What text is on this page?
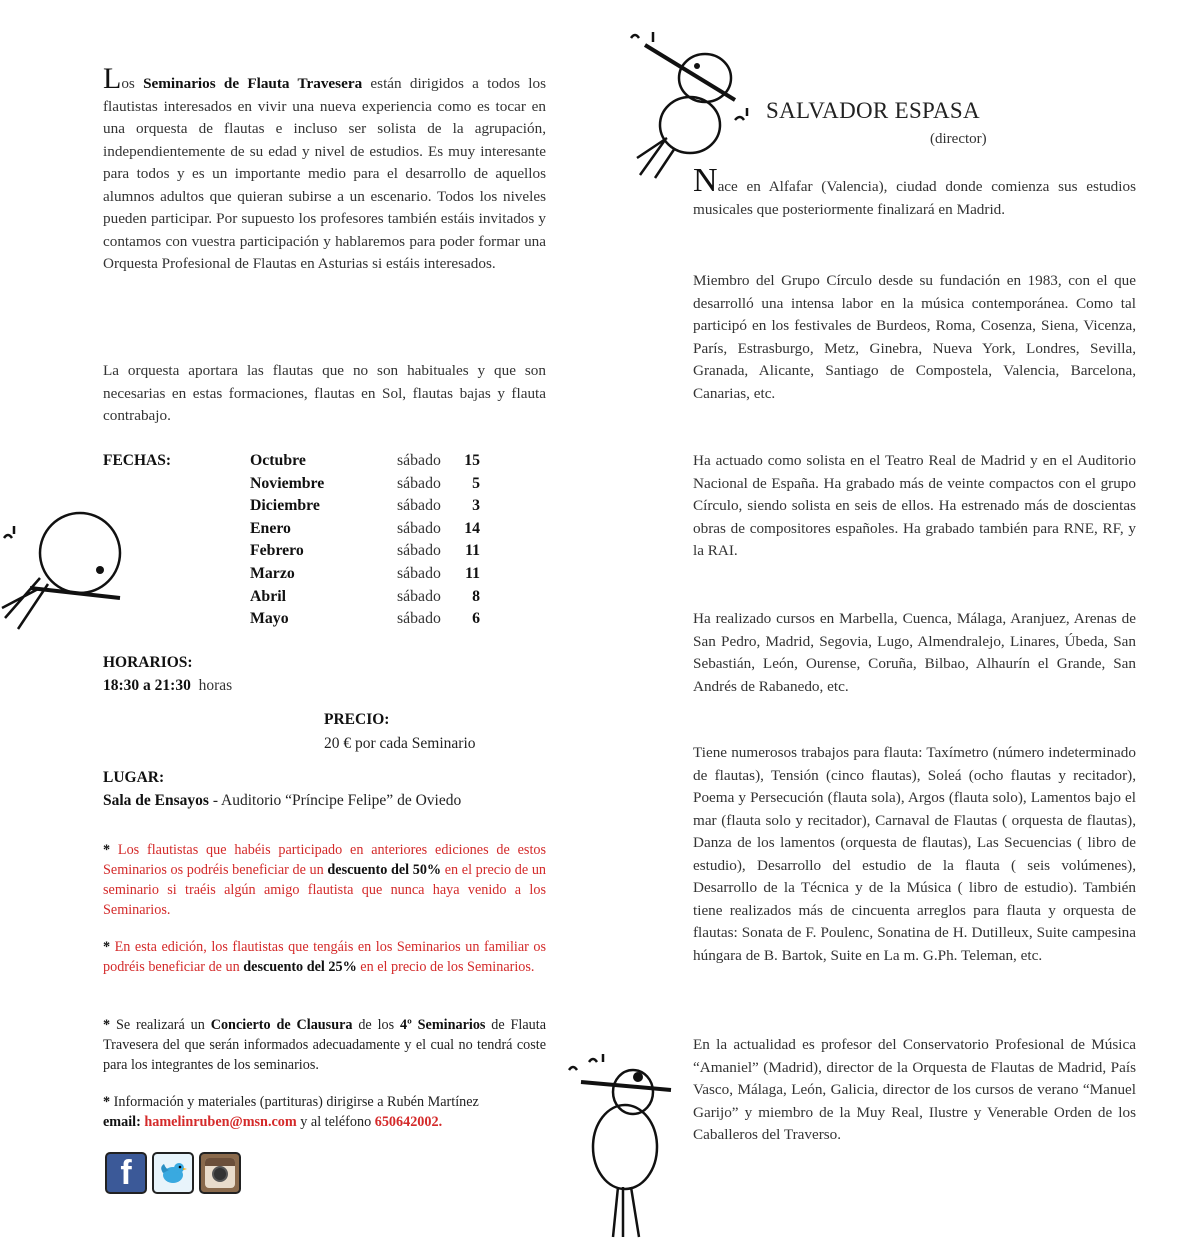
Los Seminarios de Flauta Travesera están dirigidos a todos los flautistas interesados en vivir una nueva experiencia como es tocar en una orquesta de flautas e incluso ser solista de la agrupación, independientemente de su edad y nivel de estudios. Es muy interesante para todos y es un importante medio para el desarrollo de aquellos alumnos adultos que quieran subirse a un escenario. Todos los niveles pueden participar. Por supuesto los profesores también estáis invitados y contamos con vuestra participación y hablaremos para poder formar una Orquesta Profesional de Flautas en Asturias si estáis interesados.

La orquesta aportara las flautas que no son habituales y que son necesarias en estas formaciones, flautas en Sol, flautas bajas y flauta contrabajo.

FECHAS:	Octubre	sábado 15
Noviembre	sábado 5
Diciembre	sábado 3
Enero	sábado 14
Febrero	sábado 11
Marzo	sábado 11
Abril	sábado 8
Mayo	sábado 6
HORARIOS:
18:30 a 21:30 horas
PRECIO:
20 € por cada Seminario
LUGAR:
Sala de Ensayos - Auditorio “Príncipe Felipe” de Oviedo

* Los flautistas que habéis participado en anteriores ediciones de estos Seminarios os podréis beneficiar de un descuento del 50% en el precio de un seminario si traéis algún amigo flautista que nunca haya venido a los Seminarios.

* En esta edición, los flautistas que tengáis en los Seminarios un familiar os podréis beneficiar de un descuento del 25% en el precio de los Seminarios.

* Se realizará un Concierto de Clausura de los 4º Seminarios de Flauta Travesera del que serán informados adecuadamente y el cual no tendrá coste para los integrantes de los seminarios.

* Información y materiales (partituras) dirigirse a Rubén Martínez
email: hamelinruben@msn.com y al teléfono 650642002.

f
SALVADOR ESPASA
(director)

Nace en Alfafar (Valencia), ciudad donde comienza sus estudios musicales que posteriormente finalizará en Madrid.

Miembro del Grupo Círculo desde su fundación en 1983, con el que desarrolló una intensa labor en la música contemporánea. Como tal participó en los festivales de Burdeos, Roma, Cosenza, Siena, Vicenza, París, Estrasburgo, Metz, Ginebra, Nueva York, Londres, Sevilla, Granada, Alicante, Santiago de Compostela, Valencia, Barcelona, Canarias, etc.

Ha actuado como solista en el Teatro Real de Madrid y en el Auditorio Nacional de España. Ha grabado más de veinte compactos con el grupo Círculo, siendo solista en seis de ellos. Ha estrenado más de doscientas obras de compositores españoles. Ha grabado también para RNE, RF, y la RAI.

Ha realizado cursos en Marbella, Cuenca, Málaga, Aranjuez, Arenas de San Pedro, Madrid, Segovia, Lugo, Almendralejo, Linares, Úbeda, San Sebastián, León, Ourense, Coruña, Bilbao, Alhaurín el Grande, San Andrés de Rabanedo, etc.

Tiene numerosos trabajos para flauta: Taxímetro (número indeterminado de flautas), Tensión (cinco flautas), Soleá (ocho flautas y recitador), Poema y Persecución (flauta sola), Argos (flauta solo), Lamentos bajo el mar (flauta solo y recitador), Carnaval de Flautas ( orquesta de flautas), Danza de los lamentos (orquesta de flautas), Las Secuencias ( libro de estudio), Desarrollo del estudio de la flauta ( seis volúmenes), Desarrollo de la Técnica y de la Música ( libro de estudio). También tiene realizados más de cincuenta arreglos para flauta y orquesta de flautas: Sonata de F. Poulenc, Sonatina de H. Dutilleux, Suite campesina húngara de B. Bartok, Suite en La m. G.Ph. Teleman, etc.

En la actualidad es profesor del Conservatorio Profesional de Música “Amaniel” (Madrid), director de la Orquesta de Flautas de Madrid, País Vasco, Málaga, León, Galicia, director de los cursos de verano “Manuel Garijo” y miembro de la Muy Real, Ilustre y Venerable Orden de los Caballeros del Traverso.
